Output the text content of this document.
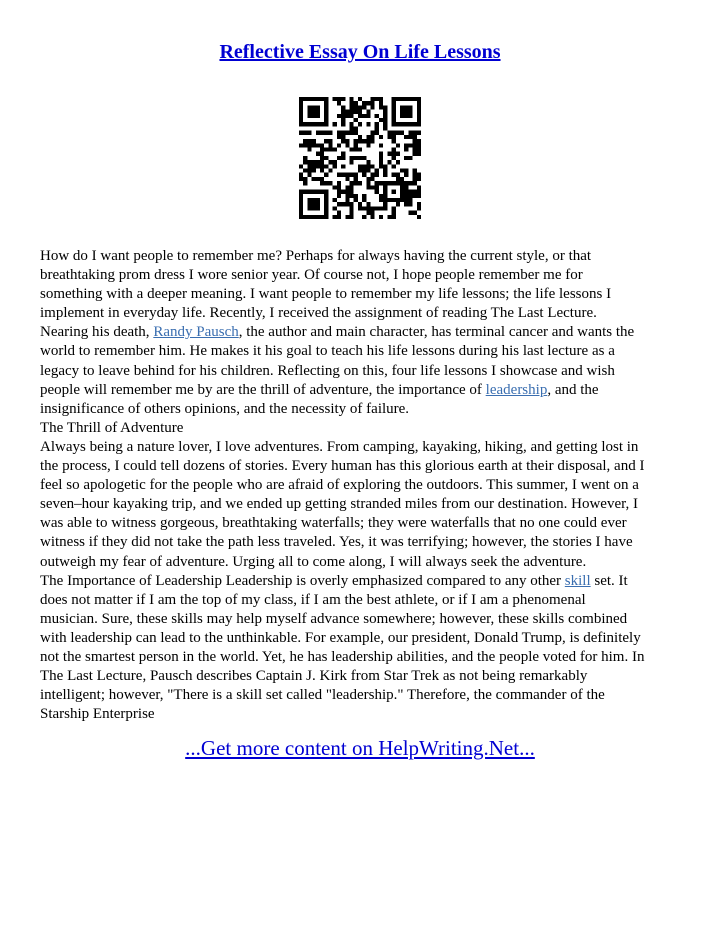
Reflective Essay On Life Lessons
How do I want people to remember me? Perhaps for always having the current style, or that
breathtaking prom dress I wore senior year. Of course not, I hope people remember me for
something with a deeper meaning. I want people to remember my life lessons; the life lessons I
implement in everyday life. Recently, I received the assignment of reading The Last Lecture.
Nearing his death, Randy Pausch, the author and main character, has terminal cancer and wants the
world to remember him. He makes it his goal to teach his life lessons during his last lecture as a
legacy to leave behind for his children. Reflecting on this, four life lessons I showcase and wish
people will remember me by are the thrill of adventure, the importance of leadership, and the
insignificance of others opinions, and the necessity of failure.
The Thrill of Adventure
Always being a nature lover, I love adventures. From camping, kayaking, hiking, and getting lost in
the process, I could tell dozens of stories. Every human has this glorious earth at their disposal, and I
feel so apologetic for the people who are afraid of exploring the outdoors. This summer, I went on a
seven–hour kayaking trip, and we ended up getting stranded miles from our destination. However, I
was able to witness gorgeous, breathtaking waterfalls; they were waterfalls that no one could ever
witness if they did not take the path less traveled. Yes, it was terrifying; however, the stories I have
outweigh my fear of adventure. Urging all to come along, I will always seek the adventure.
The Importance of Leadership Leadership is overly emphasized compared to any other skill set. It
does not matter if I am the top of my class, if I am the best athlete, or if I am a phenomenal
musician. Sure, these skills may help myself advance somewhere; however, these skills combined
with leadership can lead to the unthinkable. For example, our president, Donald Trump, is definitely
not the smartest person in the world. Yet, he has leadership abilities, and the people voted for him. In
The Last Lecture, Pausch describes Captain J. Kirk from Star Trek as not being remarkably
intelligent; however, "There is a skill set called "leadership." Therefore, the commander of the
Starship Enterprise
...Get more content on HelpWriting.Net...
